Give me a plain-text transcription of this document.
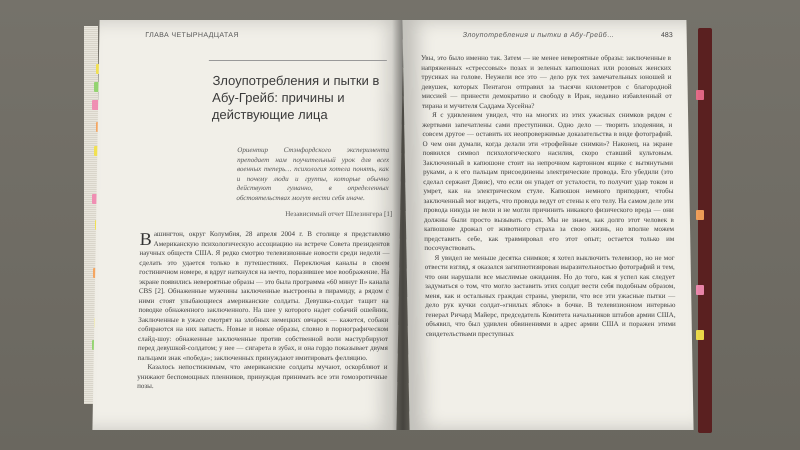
ГЛАВА ЧЕТЫРНАДЦАТАЯ
Злоупотребления и пытки в Абу-Грейб: причины и действующие лица
Ориентир Стэнфордского эксперимента преподает нам поучительный урок для всех военных теперь… психология хотела понять, как и почему люди и группы, которые обычно действуют гуманно, в определенных обстоятельствах могут вести себя иначе.
Независимый отчет Шлезингера [1]
Вашингтон, округ Колумбия, 28 апреля 2004 г. В столице я представляю Американскую психологическую ассоциацию на встрече Совета президентов научных обществ США. Я редко смотрю телевизионные новости среди недели — сделать это удается только в путешествиях. Переключая каналы в своем гостиничном номере, я вдруг наткнулся на нечто, поразившее мое воображение. На экране появились невероятные образы — это была программа «60 минут II» канала CBS [2]. Обнаженные мужчины заключенные выстроены в пирамиду, а рядом с ними стоят улыбающиеся американские солдаты. Девушка-солдат тащит на поводке обнаженного заключенного. На шее у которого надет собачий ошейник. Заключенные в ужасе смотрят на злобных немецких овчарок — кажется, собаки собираются на них напасть. Новые и новые образы, словно в порнографическом слайд-шоу: обнаженные заключенные против собственной воли мастурбируют перед девушкой-солдатом; у нее — сигарета в зубах, и она гордо показывает двумя пальцами знак «победа»; заключенных принуждают имитировать фелляцию.
Казалось непостижимым, что американские солдаты мучают, оскорбляют и унижают беспомощных пленников, принуждая принимать все эти гомоэротичные позы.
Злоупотребления и пытки в Абу-Грейб…	483
Увы, это было именно так. Затем — не менее невероятные образы: заключенные в напряженных «стрессовых» позах и зеленых капюшонах или розовых женских трусиках на голове. Неужели все это — дело рук тех замечательных юношей и девушек, которых Пентагон отправил за тысячи километров с благородной миссией — принести демократию и свободу в Ирак, недавно избавленный от тирана и мучителя Саддама Хусейна?
Я с удивлением увидел, что на многих из этих ужасных снимков рядом с жертвами запечатлены сами преступники. Одно дело — творить злодеяния, и совсем другое — оставить их неопровержимые доказательства в виде фотографий. О чем они думали, когда делали эти «трофейные снимки»? Наконец, на экране появился символ психологического насилия, скоро ставший культовым. Заключенный в капюшоне стоит на непрочном картонном ящике с вытянутыми руками, а к его пальцам присоединены электрические провода. Его убедили (это сделал сержант Дэвис), что если он упадет от усталости, то получит удар током и умрет, как на электрическом стуле. Капюшон немного приподнят, чтобы заключенный мог видеть, что провода ведут от стены к его телу. На самом деле эти провода никуда не вели и не могли причинить никакого физического вреда — они должны были просто вызывать страх. Мы не знаем, как долго этот человек в капюшоне дрожал от животного страха за свою жизнь, но вполне можем представить себе, как травмировал его этот опыт; остается только им посочувствовать.
Я увидел не меньше десятка снимков; я хотел выключить телевизор, но не мог отвести взгляд, я оказался загипнотизирован выразительностью фотографий и тем, что они нарушали все мыслимые ожидания. Но до того, как я успел как следует задуматься о том, что могло заставить этих солдат вести себя подобным образом, меня, как и остальных граждан страны, уверили, что все эти ужасные пытки — дело рук кучки солдат-«гнилых яблок» в бочке. В телевизионном интервью генерал Ричард Майерс, председатель Комитета начальников штабов армии США, объявил, что был удивлен обвинениями в адрес армии США и поражен этими свидетельствами преступных
